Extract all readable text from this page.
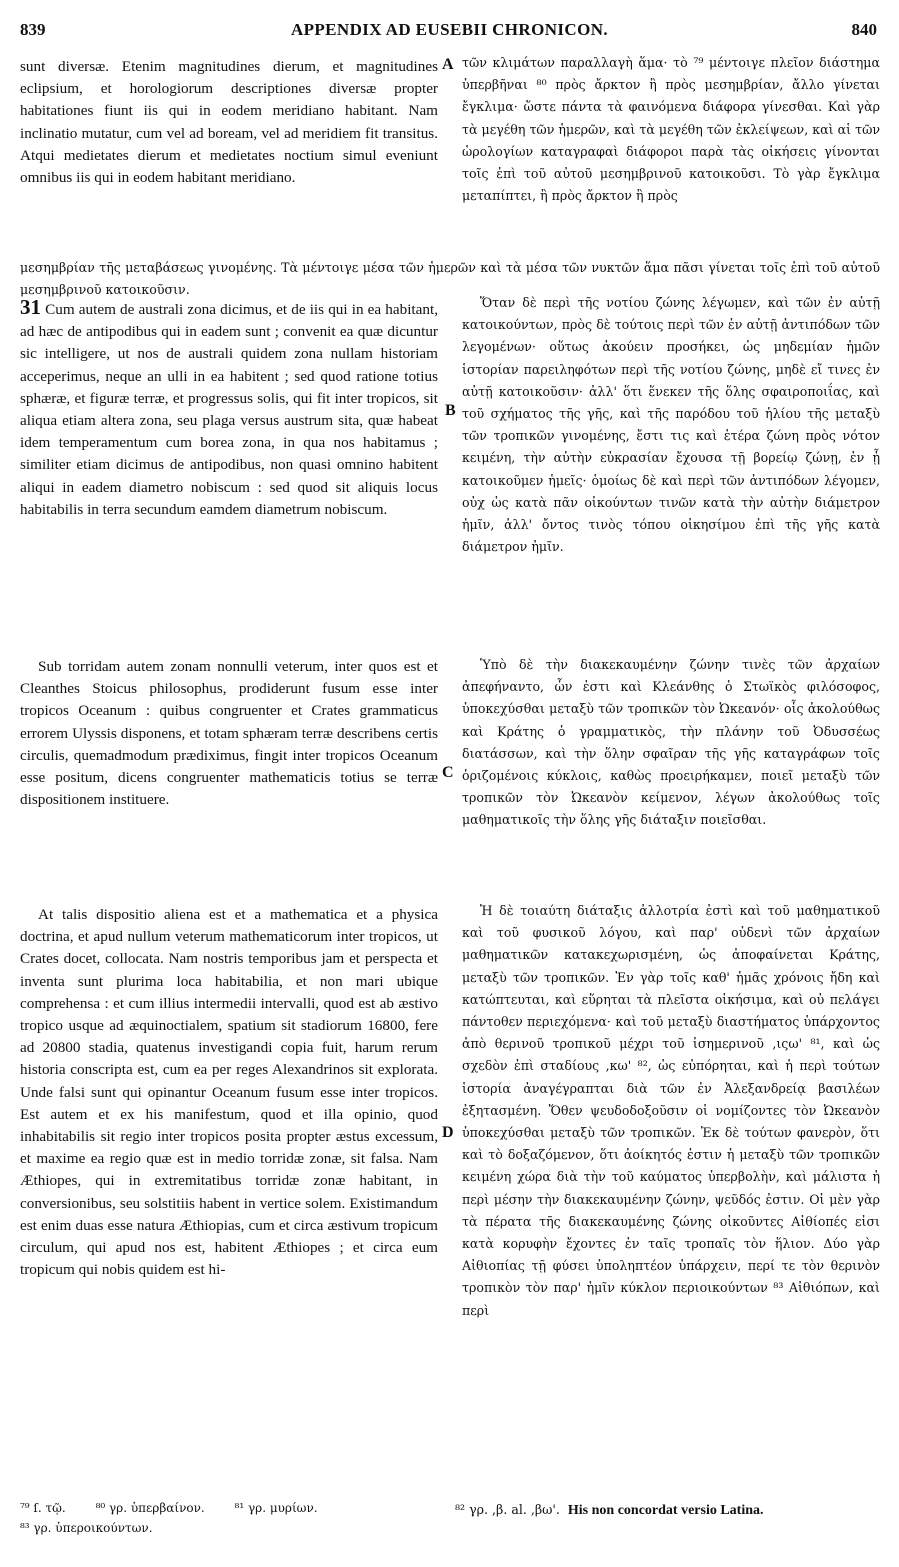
839	APPENDIX AD EUSEBII CHRONICON.	840
A
B
C
D

sunt diversæ. Etenim magnitudines dierum, et magnitudines eclipsium, et horologiorum descriptiones diversæ propter habitationes fiunt iis qui in eodem meridiano habitant. Nam inclinatio mutatur, cum vel ad boream, vel ad meridiem fit transitus. Atqui medietates dierum et medietates noctium simul eveniunt omnibus iis qui in eodem habitant meridiano.

τῶν κλιμάτων παραλλαγὴ ἅμα· τὸ ⁷⁹ μέντοιγε πλεῖον διάστημα ὑπερβῆναι ⁸⁰ πρὸς ἄρκτον ἢ πρὸς μεσημβρίαν, ἄλλο γίνεται ἔγκλιμα· ὥστε πάντα τὰ φαινόμενα διάφορα γίνεσθαι. Καὶ γὰρ τὰ μεγέθη τῶν ἡμερῶν, καὶ τὰ μεγέθη τῶν ἐκλείψεων, καὶ αἱ τῶν ὡρολογίων καταγραφαὶ διάφοροι παρὰ τὰς οἰκήσεις γίνονται τοῖς ἐπὶ τοῦ αὐτοῦ μεσημβρινοῦ κατοικοῦσι. Τὸ γὰρ ἔγκλιμα μεταπίπτει, ἢ πρὸς ἄρκτον ἢ πρὸς

μεσημβρίαν τῆς μεταβάσεως γινομένης. Τὰ μέντοιγε μέσα τῶν ἡμερῶν καὶ τὰ μέσα τῶν νυκτῶν ἅμα πᾶσι γίνεται τοῖς ἐπὶ τοῦ αὐτοῦ μεσημβρινοῦ κατοικοῦσιν.

31 Cum autem de australi zona dicimus, et de iis qui in ea habitant, ad hæc de antipodibus qui in eadem sunt ; convenit ea quæ dicuntur sic intelligere, ut nos de australi quidem zona nullam historiam acceperimus, neque an ulli in ea habitent ; sed quod ratione totius sphæræ, et figuræ terræ, et progressus solis, qui fit inter tropicos, sit aliqua etiam altera zona, seu plaga versus austrum sita, quæ habeat idem temperamentum cum borea zona, in qua nos habitamus ; similiter etiam dicimus de antipodibus, non quasi omnino habitent aliqui in eadem diametro nobiscum : sed quod sit aliquis locus habitabilis in terra secundum eamdem diametrum nobiscum.

Ὅταν δὲ περὶ τῆς νοτίου ζώνης λέγωμεν, καὶ τῶν ἐν αὐτῇ κατοικούντων, πρὸς δὲ τούτοις περὶ τῶν ἐν αὐτῇ ἀντιπόδων τῶν λεγομένων· οὕτως ἀκούειν προσήκει, ὡς μηδεμίαν ἡμῶν ἱστορίαν παρειληφότων περὶ τῆς νοτίου ζώνης, μηδὲ εἴ τινες ἐν αὐτῇ κατοικοῦσιν· ἀλλ' ὅτι ἕνεκεν τῆς ὅλης σφαιροποιΐας, καὶ τοῦ σχήματος τῆς γῆς, καὶ τῆς παρόδου τοῦ ἡλίου τῆς μεταξὺ τῶν τροπικῶν γινομένης, ἔστι τις καὶ ἑτέρα ζώνη πρὸς νότον κειμένη, τὴν αὐτὴν εὐκρασίαν ἔχουσα τῇ βορείῳ ζώνῃ, ἐν ᾗ κατοικοῦμεν ἡμεῖς· ὁμοίως δὲ καὶ περὶ τῶν ἀντιπόδων λέγομεν, οὐχ ὡς κατὰ πᾶν οἰκούντων τινῶν κατὰ τὴν αὐτὴν διάμετρον ἡμῖν, ἀλλ' ὄντος τινὸς τόπου οἰκησίμου ἐπὶ τῆς γῆς κατὰ διάμετρον ἡμῖν.

Sub torridam autem zonam nonnulli veterum, inter quos est et Cleanthes Stoicus philosophus, prodiderunt fusum esse inter tropicos Oceanum : quibus congruenter et Crates grammaticus errorem Ulyssis disponens, et totam sphæram terræ describens certis circulis, quemadmodum prædiximus, fingit inter tropicos Oceanum esse positum, dicens congruenter mathematicis totius se terræ dispositionem instituere.

Ὑπὸ δὲ τὴν διακεκαυμένην ζώνην τινὲς τῶν ἀρχαίων ἀπεφήναντο, ὧν ἐστι καὶ Κλεάνθης ὁ Στωϊκὸς φιλόσοφος, ὑποκεχύσθαι μεταξὺ τῶν τροπικῶν τὸν Ὠκεανόν· οἷς ἀκολούθως καὶ Κράτης ὁ γραμματικὸς, τὴν πλάνην τοῦ Ὀδυσσέως διατάσσων, καὶ τὴν ὅλην σφαῖραν τῆς γῆς καταγράφων τοῖς ὁριζομένοις κύκλοις, καθὼς προειρήκαμεν, ποιεῖ μεταξὺ τῶν τροπικῶν τὸν Ὠκεανὸν κείμενον, λέγων ἀκολούθως τοῖς μαθηματικοῖς τὴν ὅλης γῆς διάταξιν ποιεῖσθαι.

At talis dispositio aliena est et a mathematica et a physica doctrina, et apud nullum veterum mathematicorum inter tropicos, ut Crates docet, collocata. Nam nostris temporibus jam et perspecta et inventa sunt plurima loca habitabilia, et non mari ubique comprehensa : et cum illius intermedii intervalli, quod est ab æstivo tropico usque ad æquinoctialem, spatium sit stadiorum 16800, fere ad 20800 stadia, quatenus investigandi copia fuit, harum rerum historia conscripta est, cum ea per reges Alexandrinos sit explorata. Unde falsi sunt qui opinantur Oceanum fusum esse inter tropicos. Est autem et ex his manifestum, quod et illa opinio, quod inhabitabilis sit regio inter tropicos posita propter æstus excessum, et maxime ea regio quæ est in medio torridæ zonæ, sit falsa. Nam Æthiopes, qui in extremitatibus torridæ zonæ habitant, in conversionibus, seu solstitiis habent in vertice solem. Existimandum est enim duas esse natura Æthiopias, cum et circa æstivum tropicum circulum, qui apud nos est, habitent Æthiopes ; et circa eum tropicum qui nobis quidem est hi-

Ἡ δὲ τοιαύτη διάταξις ἀλλοτρία ἐστὶ καὶ τοῦ μαθηματικοῦ καὶ τοῦ φυσικοῦ λόγου, καὶ παρ' οὐδενὶ τῶν ἀρχαίων μαθηματικῶν κατακεχωρισμένη, ὡς ἀποφαίνεται Κράτης, μεταξὺ τῶν τροπικῶν. Ἐν γὰρ τοῖς καθ' ἡμᾶς χρόνοις ἤδη καὶ κατώπτευται, καὶ εὕρηται τὰ πλεῖστα οἰκήσιμα, καὶ οὐ πελάγει πάντοθεν περιεχόμενα· καὶ τοῦ μεταξὺ διαστήματος ὑπάρχοντος ἀπὸ θερινοῦ τροπικοῦ μέχρι τοῦ ἰσημερινοῦ ,ιςω' ⁸¹, καὶ ὡς σχεδὸν ἐπὶ σταδίους ,κω' ⁸², ὡς εὐπόρηται, καὶ ἡ περὶ τούτων ἱστορία ἀναγέγραπται διὰ τῶν ἐν Ἀλεξανδρείᾳ βασιλέων ἐξητασμένη. Ὅθεν ψευδοδοξοῦσιν οἱ νομίζοντες τὸν Ὠκεανὸν ὑποκεχύσθαι μεταξὺ τῶν τροπικῶν. Ἐκ δὲ τούτων φανερὸν, ὅτι καὶ τὸ δοξαζόμενον, ὅτι ἀοίκητός ἐστιν ἡ μεταξὺ τῶν τροπικῶν κειμένη χώρα διὰ τὴν τοῦ καύματος ὑπερβολὴν, καὶ μάλιστα ἡ περὶ μέσην τὴν διακεκαυμένην ζώνην, ψεῦδός ἐστιν. Οἱ μὲν γὰρ τὰ πέρατα τῆς διακεκαυμένης ζώνης οἰκοῦντες Αἰθίοπές εἰσι κατὰ κορυφὴν ἔχοντες ἐν ταῖς τροπαῖς τὸν ἥλιον. Δύο γὰρ Αἰθιοπίας τῇ φύσει ὑποληπτέον ὑπάρχειν, περί τε τὸν θερινὸν τροπικὸν τὸν παρ' ἡμῖν κύκλον περιοικούντων ⁸³ Αἰθιόπων, καὶ περὶ

⁷⁹ ſ. τῷ. ⁸⁰ γρ. ὑπερβαίνον. ⁸¹ γρ. μυρίων.
⁸³ γρ. ὑπεροικούντων.
⁸² γρ. ,β. al. ,βω'. His non concordat versio Latina.
